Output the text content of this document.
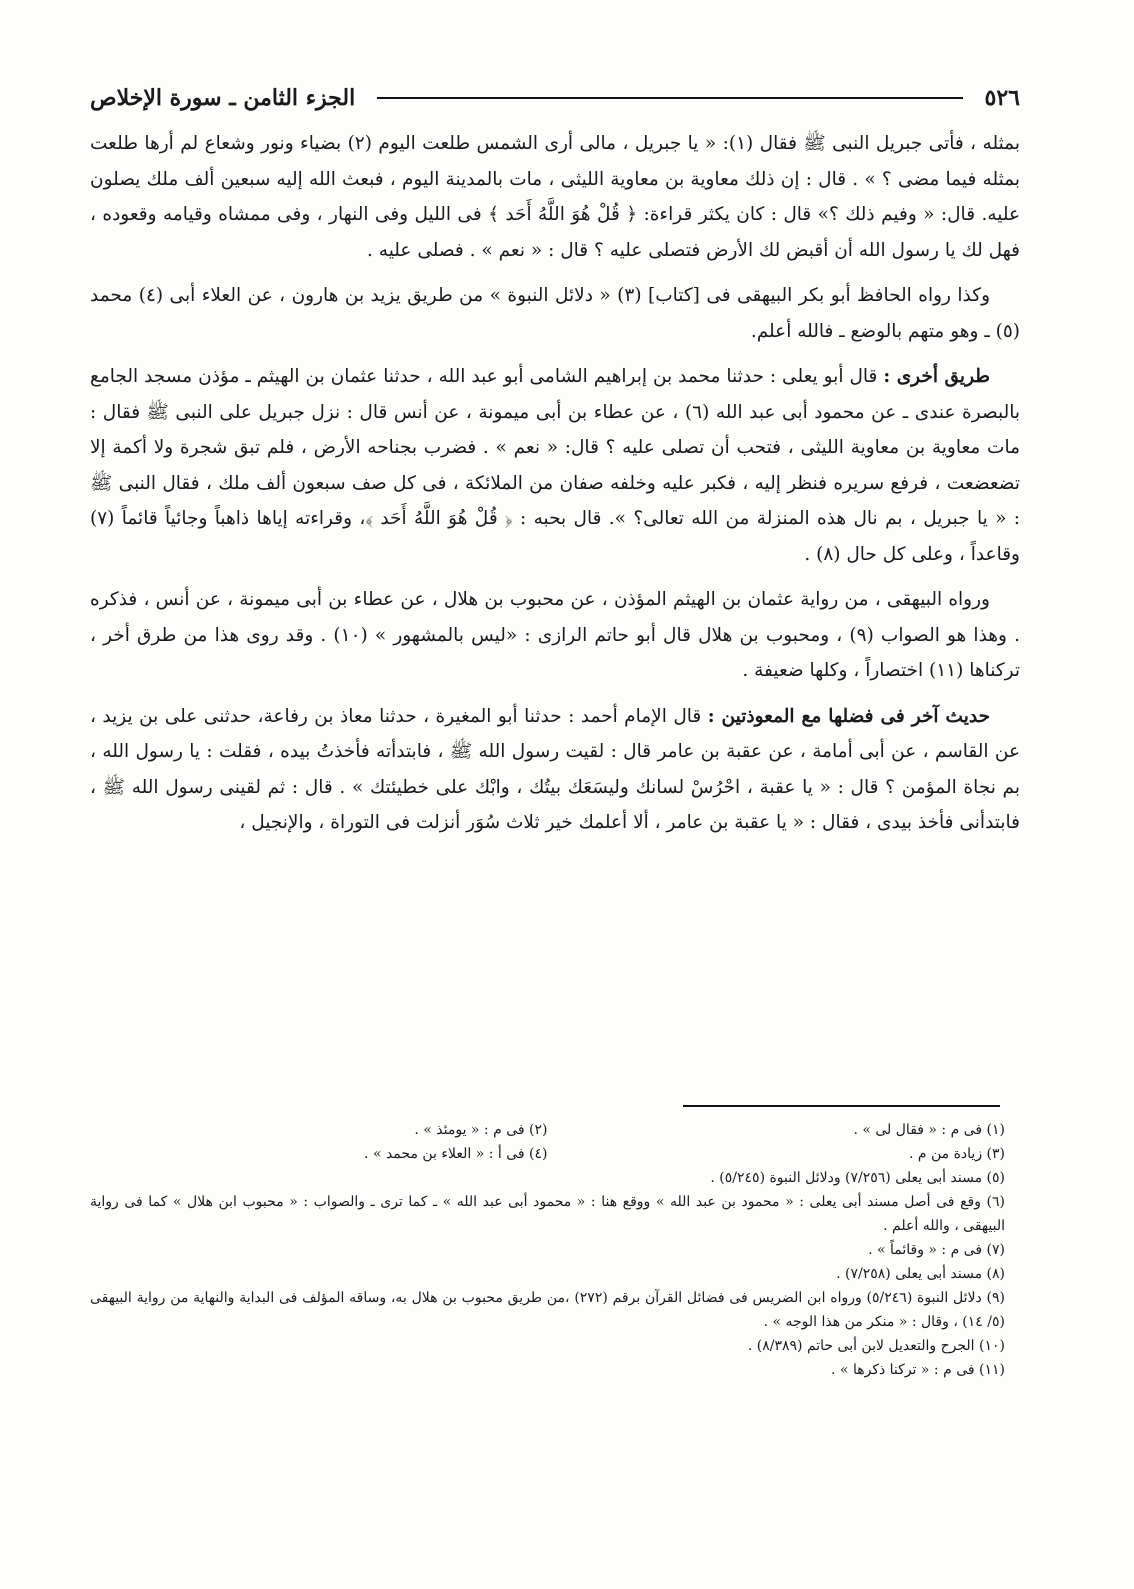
٥٢٦
الجزء الثامن ـ سورة الإخلاص

بمثله ، فأتى جبريل النبى ﷺ فقال (١): « يا جبريل ، مالى أرى الشمس طلعت اليوم (٢) بضياء ونور وشعاع لم أرها طلعت بمثله فيما مضى ؟ » . قال : إن ذلك معاوية بن معاوية الليثى ، مات بالمدينة اليوم ، فبعث الله إليه سبعين ألف ملك يصلون عليه. قال: « وفيم ذلك ؟» قال : كان يكثر قراءة: ﴿ قُلْ هُوَ اللَّهُ أَحَد ﴾ فى الليل وفى النهار ، وفى ممشاه وقيامه وقعوده ، فهل لك يا رسول الله أن أقبض لك الأرض فتصلى عليه ؟ قال : « نعم » . فصلى عليه .

وكذا رواه الحافظ أبو بكر البيهقى فى [كتاب] (٣) « دلائل النبوة » من طريق يزيد بن هارون ، عن العلاء أبى (٤) محمد (٥) ـ وهو متهم بالوضع ـ فالله أعلم.

طريق أخرى : قال أبو يعلى : حدثنا محمد بن إبراهيم الشامى أبو عبد الله ، حدثنا عثمان بن الهيثم ـ مؤذن مسجد الجامع بالبصرة عندى ـ عن محمود أبى عبد الله (٦) ، عن عطاء بن أبى ميمونة ، عن أنس قال : نزل جبريل على النبى ﷺ فقال : مات معاوية بن معاوية الليثى ، فتحب أن تصلى عليه ؟ قال: « نعم » . فضرب بجناحه الأرض ، فلم تبق شجرة ولا أكمة إلا تضعضعت ، فرفع سريره فنظر إليه ، فكبر عليه وخلفه صفان من الملائكة ، فى كل صف سبعون ألف ملك ، فقال النبى ﷺ : « يا جبريل ، بم نال هذه المنزلة من الله تعالى؟ ». قال بحبه : ﴿ قُلْ هُوَ اللَّهُ أَحَد ﴾، وقراءته إياها ذاهباً وجائياً قائماً (٧) وقاعداً ، وعلى كل حال (٨) .

ورواه البيهقى ، من رواية عثمان بن الهيثم المؤذن ، عن محبوب بن هلال ، عن عطاء بن أبى ميمونة ، عن أنس ، فذكره . وهذا هو الصواب (٩) ، ومحبوب بن هلال قال أبو حاتم الرازى : «ليس بالمشهور » (١٠) . وقد روى هذا من طرق أخر ، تركناها (١١) اختصاراً ، وكلها ضعيفة .

حديث آخر فى فضلها مع المعوذتين : قال الإمام أحمد : حدثنا أبو المغيرة ، حدثنا معاذ بن رفاعة، حدثنى على بن يزيد ، عن القاسم ، عن أبى أمامة ، عن عقبة بن عامر قال : لقيت رسول الله ﷺ ، فابتدأته فأخذتُ بيده ، فقلت : يا رسول الله ، بم نجاة المؤمن ؟ قال : « يا عقبة ، احْرُسْ لسانك وليسَعَك بيتُك ، وابْك على خطيئتك » . قال : ثم لقينى رسول الله ﷺ ، فابتدأنى فأخذ بيدى ، فقال : « يا عقبة بن عامر ، ألا أعلمك خير ثلاث سُوَر أنزلت فى التوراة ، والإنجيل ،

(١) فى م : « فقال لى » .
(٢) فى م : « يومئذ » .
(٣) زيادة من م .
(٤) فى أ : « العلاء بن محمد » .

(٥) مسند أبى يعلى (٧/٢٥٦) ودلائل النبوة (٥/٢٤٥) .

(٦) وقع فى أصل مسند أبى يعلى : « محمود بن عبد الله » ووقع هنا : « محمود أبى عبد الله » ـ كما ترى ـ والصواب : « محبوب ابن هلال » كما فى رواية البيهقى ، والله أعلم .

(٧) فى م : « وقائماً » .

(٨) مسند أبى يعلى (٧/٢٥٨) .

(٩) دلائل النبوة (٥/٢٤٦) ورواه ابن الضريس فى فضائل القرآن برقم (٢٧٢) ،من طريق محبوب بن هلال به، وساقه المؤلف فى البداية والنهاية من رواية البيهقى (٥/ ١٤) ، وقال : « منكر من هذا الوجه » .

(١٠) الجرح والتعديل لابن أبى حاتم (٨/٣٨٩) .

(١١) فى م : « تركنا ذكرها » .
